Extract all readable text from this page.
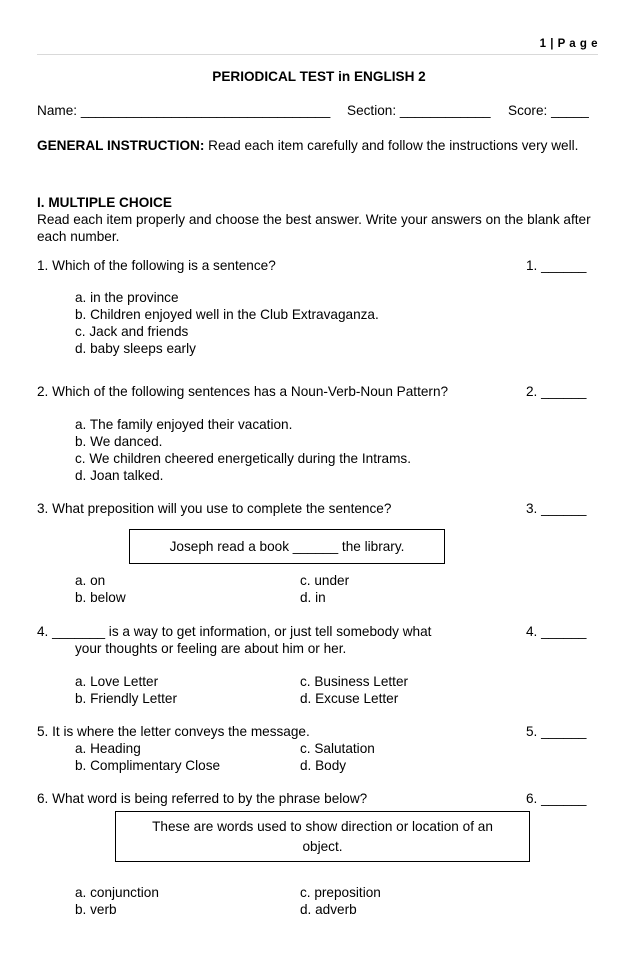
1 | P a g e
PERIODICAL TEST in ENGLISH 2
Name: _________________________________ Section: ____________ Score: _____
GENERAL INSTRUCTION: Read each item carefully and follow the instructions very well.
I. MULTIPLE CHOICE
Read each item properly and choose the best answer. Write your answers on the blank after each number.
1. Which of the following is a sentence?	1. ______
a. in the province
b. Children enjoyed well in the Club Extravaganza.
c. Jack and friends
d. baby sleeps early
2. Which of the following sentences has a Noun-Verb-Noun Pattern?	2. ______
a. The family enjoyed their vacation.
b. We danced.
c. We children cheered energetically during the Intrams.
d. Joan talked.
3. What preposition will you use to complete the sentence?	3. ______
Joseph read a book ______ the library.
a. on
b. below
c. under
d. in
4. _______ is a way to get information, or just tell somebody what
your thoughts or feeling are about him or her.
4. ______
a. Love Letter
b. Friendly Letter
c. Business Letter
d. Excuse Letter
5. It is where the letter conveys the message.	5. ______
a. Heading
b. Complimentary Close
c. Salutation
d. Body
6. What word is being referred to by the phrase below?	6. ______
These are words used to show direction or location of an
object.
a. conjunction
b. verb
c. preposition
d. adverb
